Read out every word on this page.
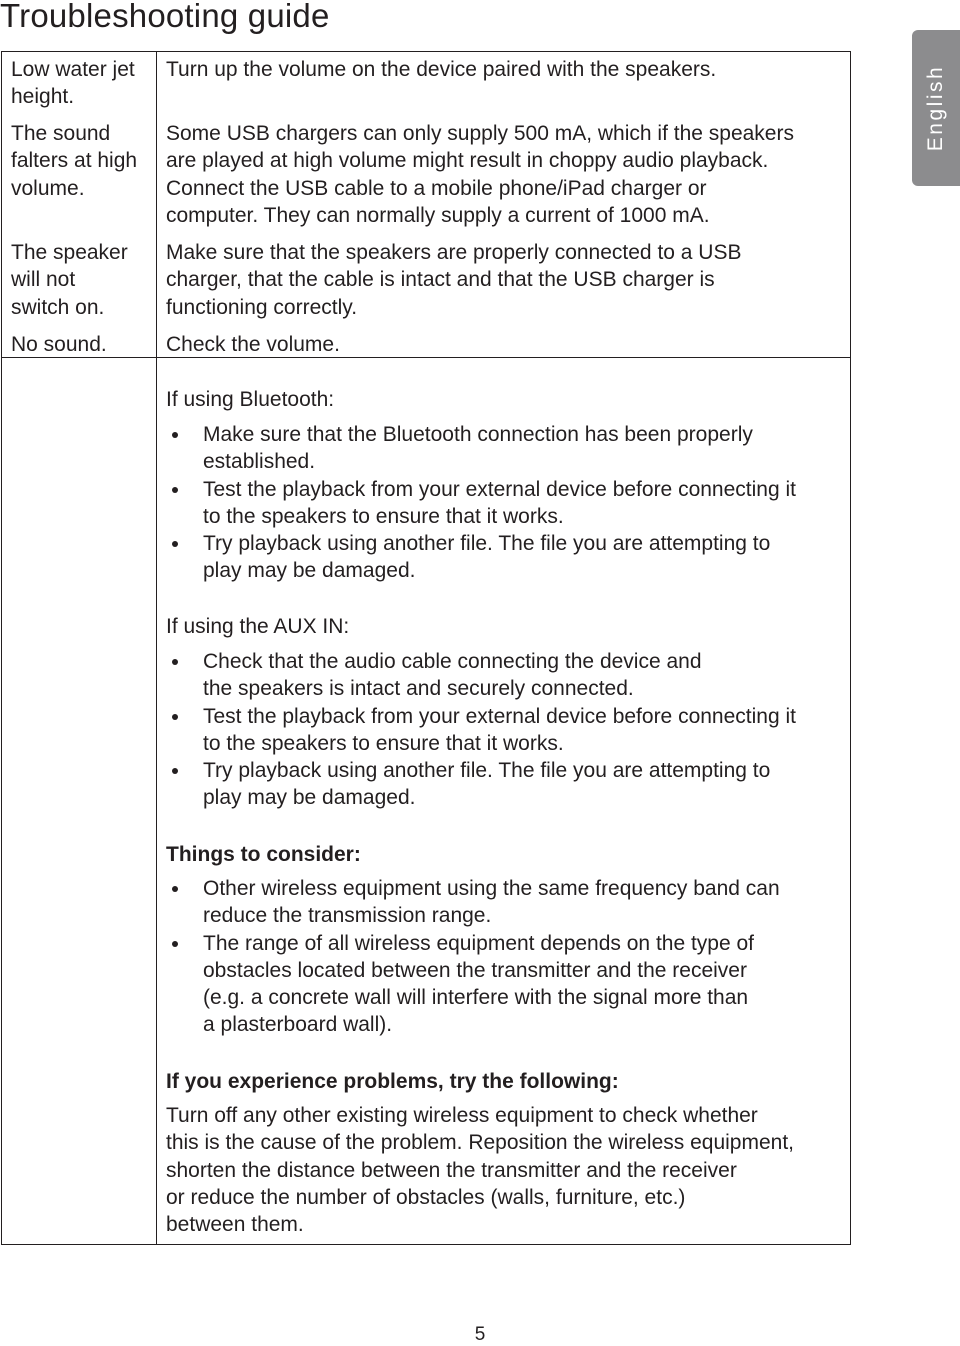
Troubleshooting guide
English
Low water jet
height.
Turn up the volume on the device paired with the speakers.
The sound
falters at high
volume.
Some USB chargers can only supply 500 mA, which if the speakers
are played at high volume might result in choppy audio playback.
Connect the USB cable to a mobile phone/iPad charger or
computer. They can normally supply a current of 1000 mA.
The speaker
will not
switch on.
Make sure that the speakers are properly connected to a USB
charger, that the cable is intact and that the USB charger is
functioning correctly.
No sound.	Check the volume.
If using Bluetooth:
Make sure that the Bluetooth connection has been properly
established.
Test the playback from your external device before connecting it
to the speakers to ensure that it works.
Try playback using another file. The file you are attempting to
play may be damaged.
If using the AUX IN:
Check that the audio cable connecting the device and
the speakers is intact and securely connected.
Test the playback from your external device before connecting it
to the speakers to ensure that it works.
Try playback using another file. The file you are attempting to
play may be damaged.
Things to consider:
Other wireless equipment using the same frequency band can
reduce the transmission range.
The range of all wireless equipment depends on the type of
obstacles located between the transmitter and the receiver
(e.g. a concrete wall will interfere with the signal more than
a plasterboard wall).
If you experience problems, try the following:
Turn off any other existing wireless equipment to check whether
this is the cause of the problem. Reposition the wireless equipment,
shorten the distance between the transmitter and the receiver
or reduce the number of obstacles (walls, furniture, etc.)
between them.
5
